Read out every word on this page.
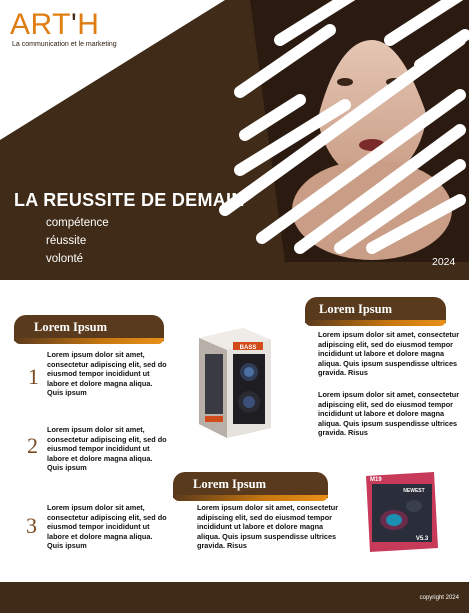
ART'H
La communication et le marketing
LA REUSSITE DE DEMAIN
compétence
réussite
volonté	2024
Lorem Ipsum
1
Lorem ipsum dolor sit amet, consectetur adipiscing elit, sed do eiusmod tempor incididunt ut labore et dolore magna aliqua. Quis ipsum
2
Lorem ipsum dolor sit amet, consectetur adipiscing elit, sed do eiusmod tempor incididunt ut labore et dolore magna aliqua. Quis ipsum
3
Lorem ipsum dolor sit amet, consectetur adipiscing elit, sed do eiusmod tempor incididunt ut labore et dolore magna aliqua. Quis ipsum
BASS
Lorem Ipsum
Lorem ipsum dolor sit amet, consectetur adipiscing elit, sed do eiusmod tempor incididunt ut labore et dolore magna aliqua. Quis ipsum suspendisse ultrices gravida. Risus
Lorem ipsum dolor sit amet, consectetur adipiscing elit, sed do eiusmod tempor incididunt ut labore et dolore magna aliqua. Quis ipsum suspendisse ultrices gravida. Risus
Lorem Ipsum
Lorem ipsum dolor sit amet, consectetur adipiscing elit, sed do eiusmod tempor incididunt ut labore et dolore magna aliqua. Quis ipsum suspendisse ultrices gravida. Risus
M19
NEWEST
V5.3
copyright 2024
